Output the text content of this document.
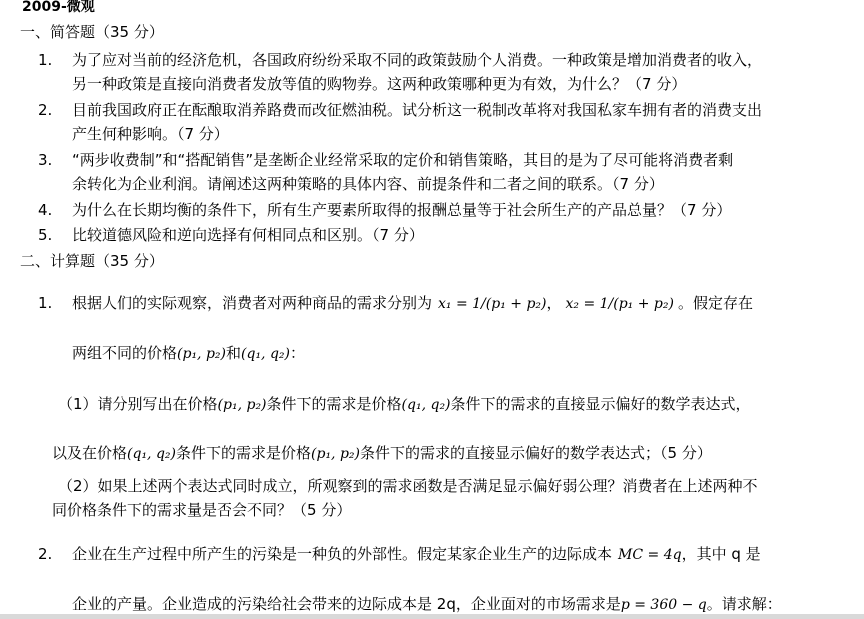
2009-微观
一、简答题（35 分）
1. 为了应对当前的经济危机，各国政府纷纷采取不同的政策鼓励个人消费。一种政策是增加消费者的收入，
另一种政策是直接向消费者发放等值的购物券。这两种政策哪种更为有效，为什么？（7 分）
2. 目前我国政府正在酝酿取消养路费而改征燃油税。试分析这一税制改革将对我国私家车拥有者的消费支出
产生何种影响。（7 分）
3. “两步收费制”和“搭配销售”是垄断企业经常采取的定价和销售策略，其目的是为了尽可能将消费者剩
余转化为企业利润。请阐述这两种策略的具体内容、前提条件和二者之间的联系。（7 分）
4. 为什么在长期均衡的条件下，所有生产要素所取得的报酬总量等于社会所生产的产品总量？（7 分）
5. 比较道德风险和逆向选择有何相同点和区别。（7 分）
二、计算题（35 分）
1. 根据人们的实际观察，消费者对两种商品的需求分别为 x₁ = 1/(p₁ + p₂)， x₂ = 1/(p₁ + p₂) 。假定存在
两组不同的价格(p₁, p₂)和(q₁, q₂)：
（1）请分别写出在价格(p₁, p₂)条件下的需求是价格(q₁, q₂)条件下的需求的直接显示偏好的数学表达式，
以及在价格(q₁, q₂)条件下的需求是价格(p₁, p₂)条件下的需求的直接显示偏好的数学表达式；（5 分）
（2）如果上述两个表达式同时成立，所观察到的需求函数是否满足显示偏好弱公理？消费者在上述两种不
同价格条件下的需求量是否会不同？（5 分）
2. 企业在生产过程中所产生的污染是一种负的外部性。假定某家企业生产的边际成本 MC = 4q，其中 q 是
企业的产量。企业造成的污染给社会带来的边际成本是 2q，企业面对的市场需求是p = 360 − q。请求解：
